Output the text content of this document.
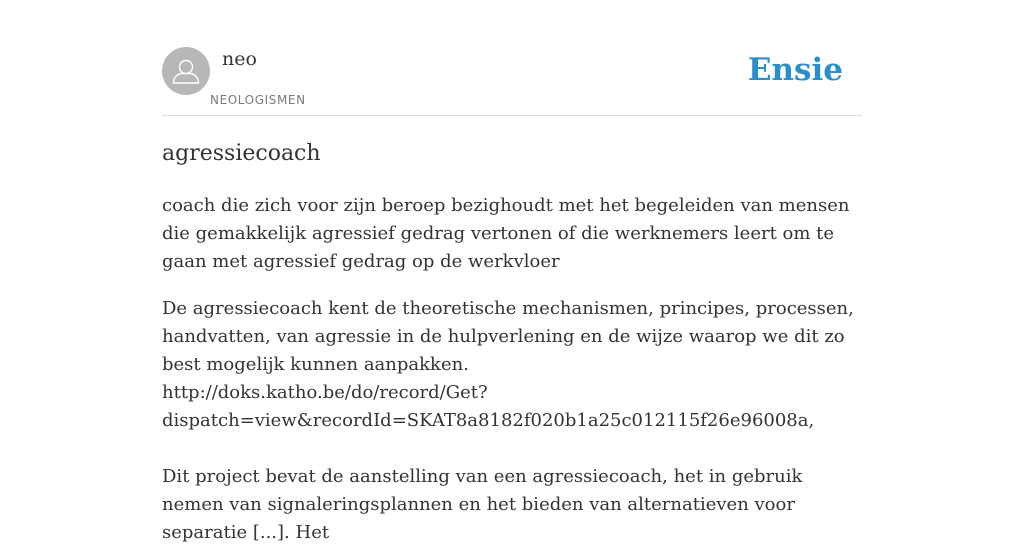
neo
NEOLOGISMEN
Ensie
agressiecoach

coach die zich voor zijn beroep bezighoudt met het begeleiden van mensen die gemakkelijk agressief gedrag vertonen of die werknemers leert om te gaan met agressief gedrag op de werkvloer

De agressiecoach kent de theoretische mechanismen, principes, processen, handvatten, van agressie in de hulpverlening en de wijze waarop we dit zo best mogelijk kunnen aanpakken.
http://doks.katho.be/do/record/Get?
dispatch=view&recordId=SKAT8a8182f020b1a25c012115f26e96008a,
Dit project bevat de aanstelling van een agressiecoach, het in gebruik nemen van signaleringsplannen en het bieden van alternatieven voor separatie [...]. Het
